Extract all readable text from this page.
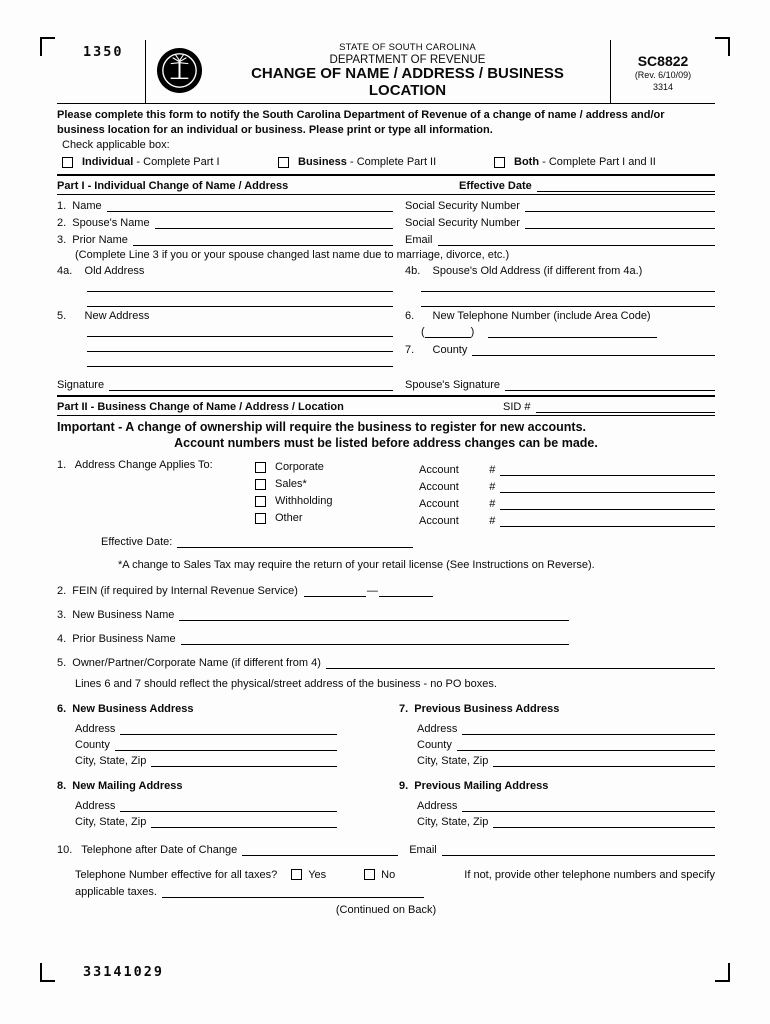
1350	STATE OF SOUTH CAROLINA
DEPARTMENT OF REVENUE
CHANGE OF NAME / ADDRESS / BUSINESS
LOCATION
SC8822
(Rev. 6/10/09)
3314
Please complete this form to notify the South Carolina Department of Revenue of a change of name / address and/or business location for an individual or business. Please print or type all information.
Check applicable box:
Individual - Complete Part I	Business - Complete Part II	Both - Complete Part I and II
Part I - Individual Change of Name / Address	Effective Date
1.  Name	Social Security Number
2.  Spouse's Name	Social Security Number
3.  Prior Name	Email
(Complete Line 3 if you or your spouse changed last name due to marriage, divorce, etc.)
4a.    Old Address	4b.    Spouse's Old Address (if different from 4a.)
5.      New Address	6.      New Telephone Number (include Area Code)
(	)
7.      County
Signature	Spouse's Signature
Part II - Business Change of Name / Address / Location	SID #
Important - A change of ownership will require the business to register for new accounts.
Account numbers must be listed before address changes can be made.
1.   Address Change Applies To:	Corporate
Sales*
Withholding
Other
Account          #
Account          #
Account          #
Account          #
Effective Date:
*A change to Sales Tax may require the return of your retail license (See Instructions on Reverse).
2.  FEIN (if required by Internal Revenue Service)	—
3.  New Business Name
4.  Prior Business Name
5.  Owner/Partner/Corporate Name (if different from 4)
Lines 6 and 7 should reflect the physical/street address of the business - no PO boxes.
6.  New Business Address
Address
County
City, State, Zip
7.  Previous Business Address
Address
County
City, State, Zip
8.  New Mailing Address
Address
City, State, Zip
9.  Previous Mailing Address
Address
City, State, Zip
10.   Telephone after Date of Change	Email
Telephone Number effective for all taxes?	Yes	No	If not, provide other telephone numbers and specify
applicable taxes.
(Continued on Back)
33141029
